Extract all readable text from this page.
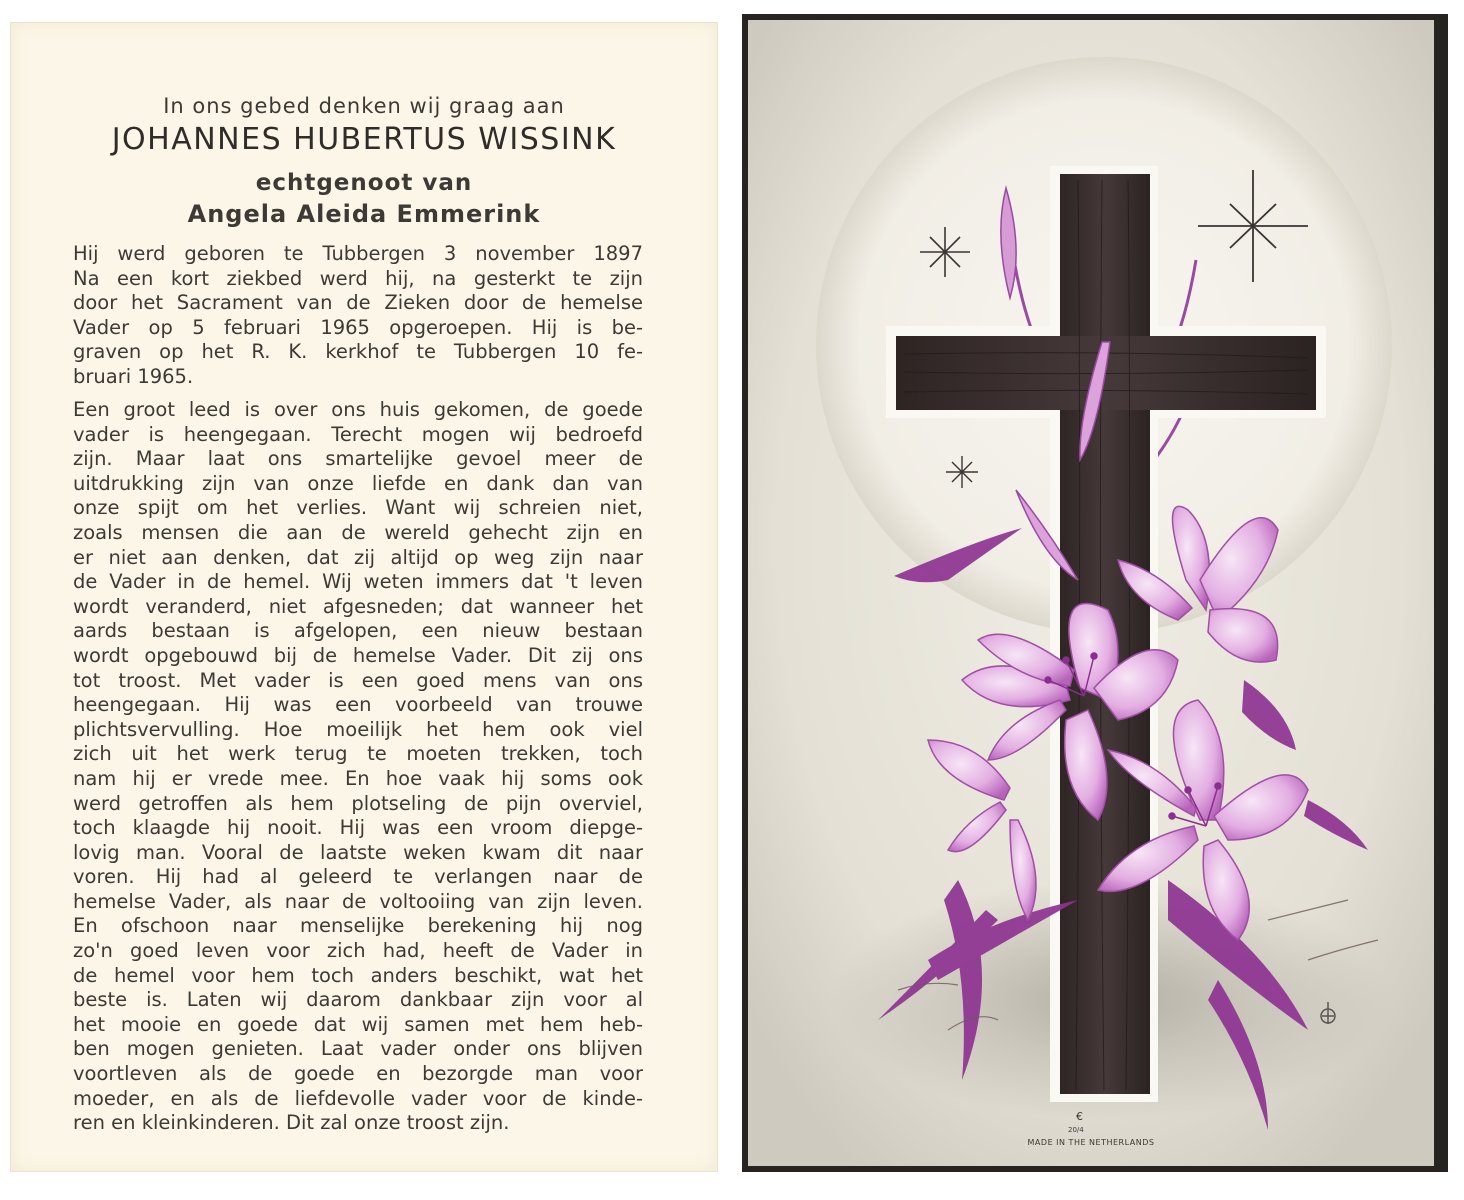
In ons gebed denken wij graag aan
JOHANNES HUBERTUS WISSINK
echtgenoot van
Angela Aleida Emmerink
Hij werd geboren te Tubbergen 3 november 1897
Na een kort ziekbed werd hij, na gesterkt te zijn
door het Sacrament van de Zieken door de hemelse
Vader op 5 februari 1965 opgeroepen. Hij is be-
graven op het R. K. kerkhof te Tubbergen 10 fe-
bruari 1965.
Een groot leed is over ons huis gekomen, de goede
vader is heengegaan. Terecht mogen wij bedroefd
zijn. Maar laat ons smartelijke gevoel meer de
uitdrukking zijn van onze liefde en dank dan van
onze spijt om het verlies. Want wij schreien niet,
zoals mensen die aan de wereld gehecht zijn en
er niet aan denken, dat zij altijd op weg zijn naar
de Vader in de hemel. Wij weten immers dat 't leven
wordt veranderd, niet afgesneden; dat wanneer het
aards bestaan is afgelopen, een nieuw bestaan
wordt opgebouwd bij de hemelse Vader. Dit zij ons
tot troost. Met vader is een goed mens van ons
heengegaan. Hij was een voorbeeld van trouwe
plichtsvervulling. Hoe moeilijk het hem ook viel
zich uit het werk terug te moeten trekken, toch
nam hij er vrede mee. En hoe vaak hij soms ook
werd getroffen als hem plotseling de pijn overviel,
toch klaagde hij nooit. Hij was een vroom diepge-
lovig man. Vooral de laatste weken kwam dit naar
voren. Hij had al geleerd te verlangen naar de
hemelse Vader, als naar de voltooiing van zijn leven.
En ofschoon naar menselijke berekening hij nog
zo'n goed leven voor zich had, heeft de Vader in
de hemel voor hem toch anders beschikt, wat het
beste is. Laten wij daarom dankbaar zijn voor al
het mooie en goede dat wij samen met hem heb-
ben mogen genieten. Laat vader onder ons blijven
voortleven als de goede en bezorgde man voor
moeder, en als de liefdevolle vader voor de kinde-
ren en kleinkinderen. Dit zal onze troost zijn.	€
20/4
MADE IN THE NETHERLANDS
